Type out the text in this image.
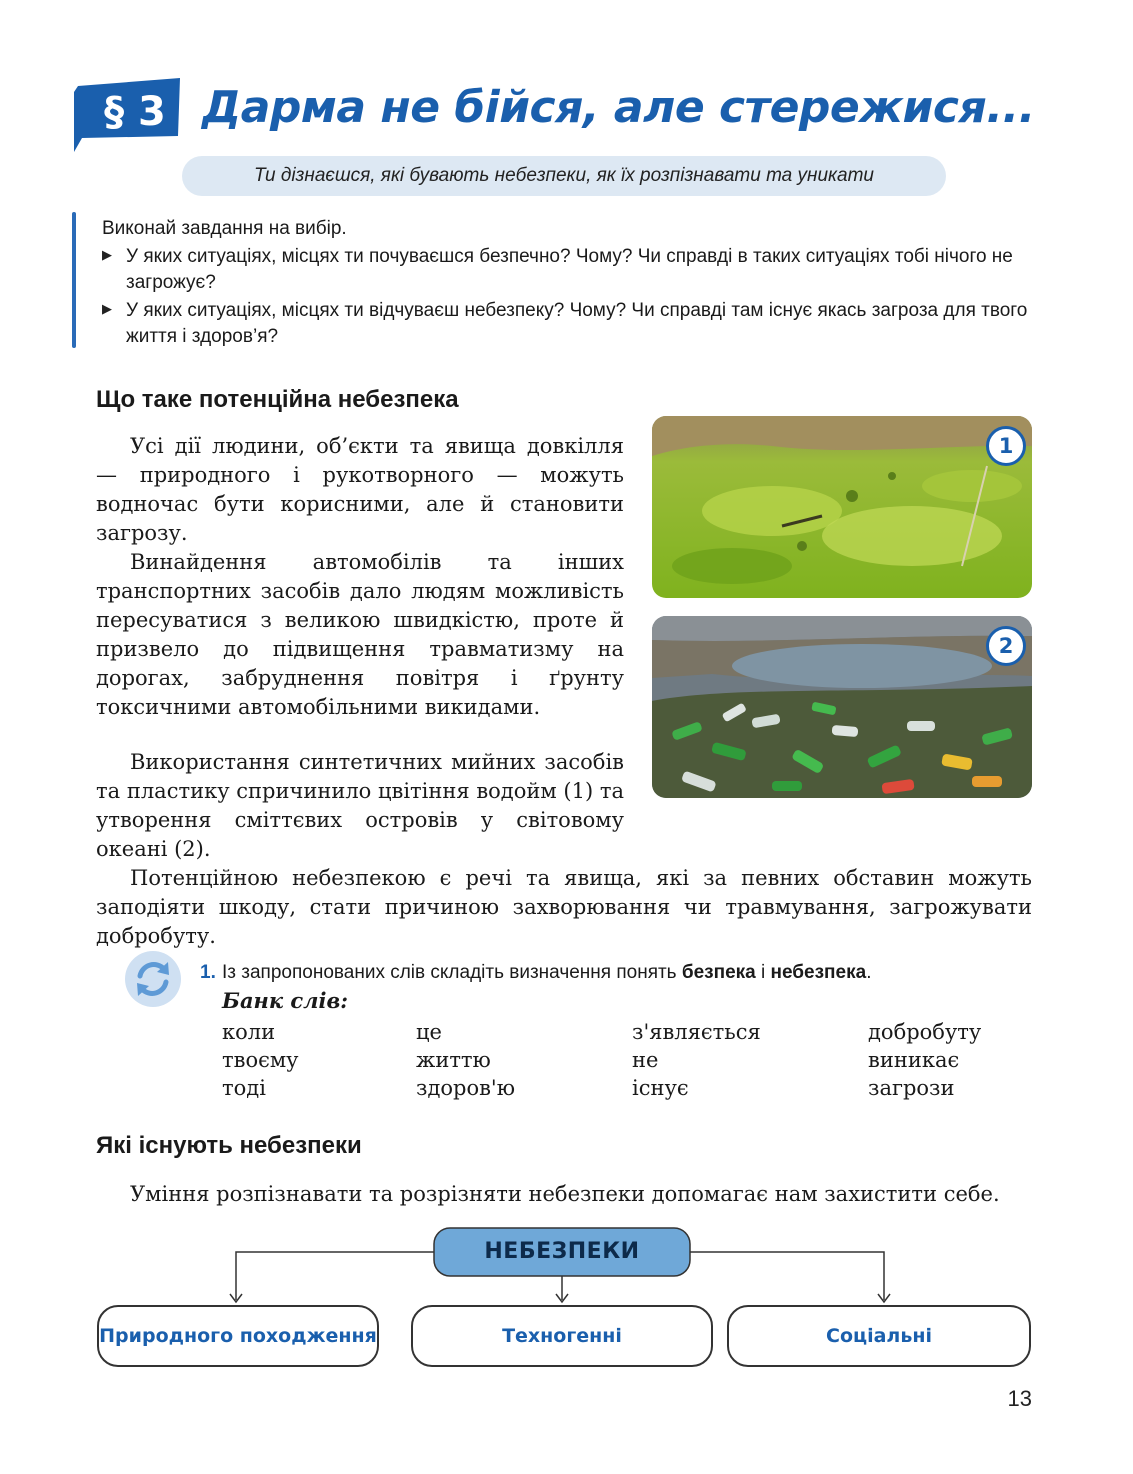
§ 3 Дарма не бійся, але стережися...
Ти дізнаєшся, які бувають небезпеки, як їх розпізнавати та уникати
Виконай завдання на вибір.
▶ У яких ситуаціях, місцях ти почуваєшся безпечно? Чому? Чи справді в таких ситуаціях тобі нічого не загрожує?
▶ У яких ситуаціях, місцях ти відчуваєш небезпеку? Чому? Чи справді там існує якась загроза для твого життя і здоров’я?
Що таке потенційна небезпека
Усі дії людини, об’єкти та явища довкілля — природного і рукотворного — можуть водночас бути корисними, але й становити загрозу.
Винайдення автомобілів та інших транспортних засобів дало людям можливість пересуватися з великою швидкістю, проте й призвело до підвищення травматизму на дорогах, забруднення повітря і ґрунту токсичними автомобільними викидами.
Використання синтетичних мийних засобів та пластику спричинило цвітіння водойм (1) та утворення сміттєвих островів у світовому океані (2).
Потенційною небезпекою є речі та явища, які за певних обставин можуть заподіяти шкоду, стати причиною захворювання чи травмування, загрожувати добробуту.
1
2
1. Із запропонованих слів складіть визначення понять безпека і небезпека.
Банк слів:
коли	це	з'являється	добробуту
твоєму	життю	не	виникає
тоді	здоров'ю	існує	загрози
Які існують небезпеки
Уміння розпізнавати та розрізняти небезпеки допомагає нам захистити себе.
НЕБЕЗПЕКИ
Природного походження	Техногенні	Соціальні
13
